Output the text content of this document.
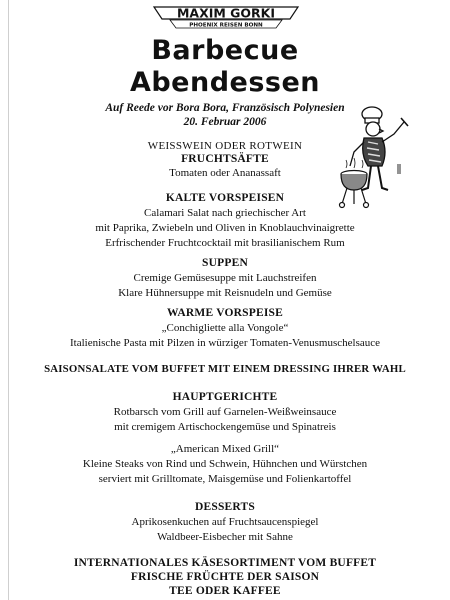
MAXIM GORKI
PHOENIX REISEN BONN
Barbecue
Abendessen
Auf Reede vor Bora Bora, Französisch Polynesien
20. Februar 2006
WEISSWEIN ODER ROTWEIN
FRUCHTSÄFTE
Tomaten oder Ananassaft
KALTE VORSPEISEN
Calamari Salat nach griechischer Art
mit Paprika, Zwiebeln und Oliven in Knoblauchvinaigrette
Erfrischender Fruchtcocktail mit brasilianischem Rum
SUPPEN
Cremige Gemüsesuppe mit Lauchstreifen
Klare Hühnersuppe mit Reisnudeln und Gemüse
WARME VORSPEISE
„Conchigliette alla Vongole“
Italienische Pasta mit Pilzen in würziger Tomaten-Venusmuschelsauce
SAISONSALATE VOM BUFFET MIT EINEM DRESSING IHRER WAHL
HAUPTGERICHTE
Rotbarsch vom Grill auf Garnelen-Weißweinsauce
mit cremigem Artischockengemüse und Spinatreis
„American Mixed Grill“
Kleine Steaks von Rind und Schwein, Hühnchen und Würstchen
serviert mit Grilltomate, Maisgemüse und Folienkartoffel
DESSERTS
Aprikosenkuchen auf Fruchtsaucenspiegel
Waldbeer-Eisbecher mit Sahne
INTERNATIONALES KÄSESORTIMENT VOM BUFFET
FRISCHE FRÜCHTE DER SAISON
TEE ODER KAFFEE
